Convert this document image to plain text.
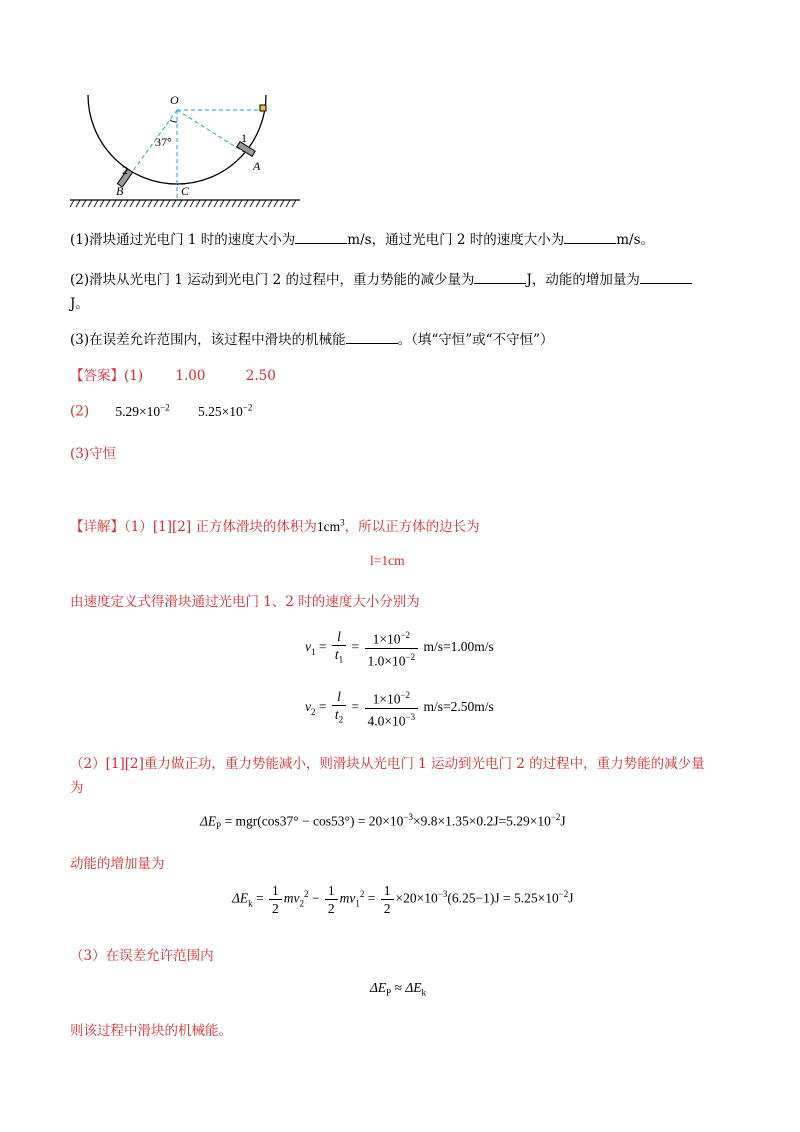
O
37°	1
2	A
B	C
(1)滑块通过光电门 1 时的速度大小为	m/s，通过光电门 2 时的速度大小为	m/s。
(2)滑块从光电门 1 运动到光电门 2 的过程中，重力势能的减少量为	J，动能的增加量为
J。
(3)在误差允许范围内，该过程中滑块的机械能	。（填“守恒”或“不守恒”）
【答案】(1) 1.00	2.50
(2) $5.29\times 10^{-2}$ $5.25\times 10^{-2}$
(3)守恒
【详解】（1）[1][2] 正方体滑块的体积为$1cm^3$，所以正方体的边长为
l=1cm
由速度定义式得滑块通过光电门 1、2 时的速度大小分别为
$v_1 = \frac{l}{t_1} = \frac{1\times 10^{-2}}{1.0\times 10^{-2}} m/s=1.00m/s$
$v_2 = \frac{l}{t_2} = \frac{1\times 10^{-2}}{4.0\times 10^{-3}} m/s=2.50m/s$
（2）[1][2]重力做正功，重力势能减小，则滑块从光电门 1 运动到光电门 2 的过程中，重力势能的减少量
为
$\Delta E_P = mgr(\cos 37^\circ - \cos 53^\circ) = 20\times 10^{-3}\times 9.8\times 1.35\times 0.2J=5.29\times 10^{-2}J$
动能的增加量为
$\Delta E_k = \frac{1}{2} mv_2^2 - \frac{1}{2} mv_1^2 = \frac{1}{2} \times 20\times 10^{-3}(6.25-1)J = 5.25\times 10^{-2}J$
（3）在误差允许范围内
$\Delta E_P \approx \Delta E_k$
则该过程中滑块的机械能。
